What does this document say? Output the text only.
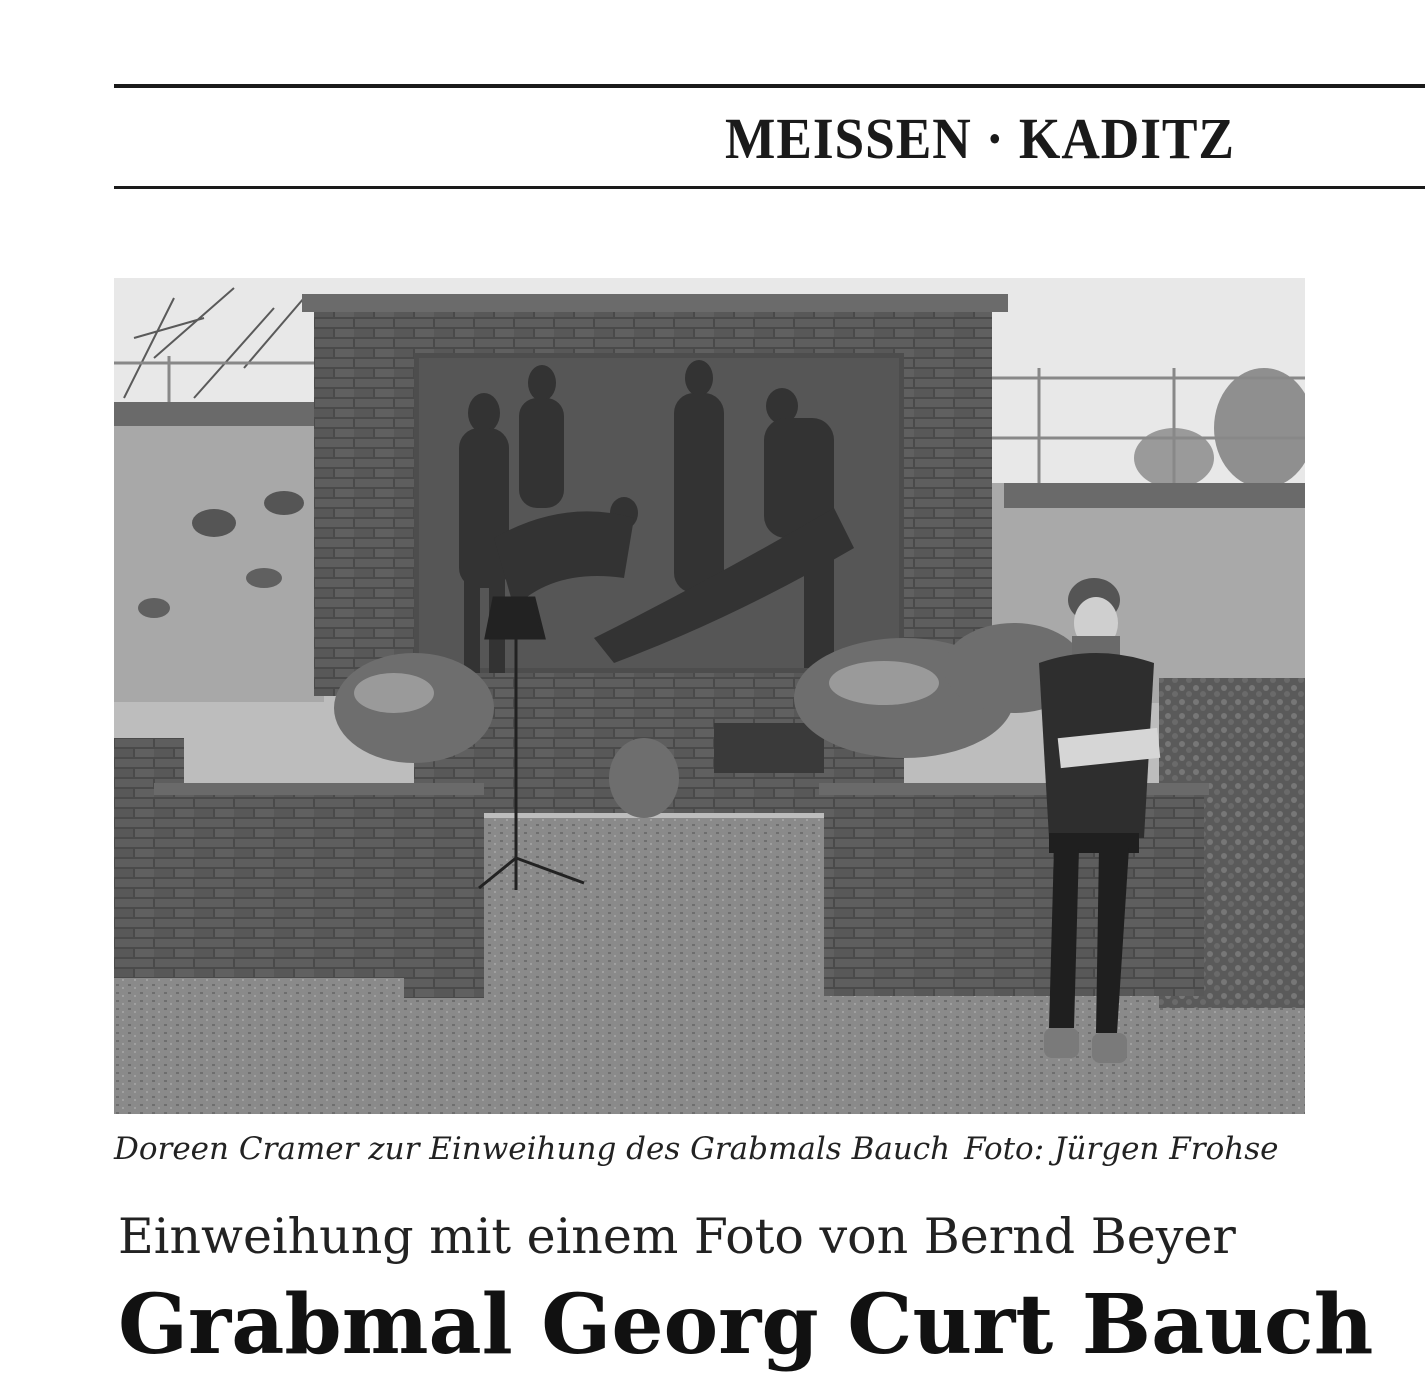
MEISSEN · KADITZ
Doreen Cramer zur Einweihung des Grabmals Bauch Foto: Jürgen Frohse
Einweihung mit einem Foto von Bernd Beyer
Grabmal Georg Curt Bauch
